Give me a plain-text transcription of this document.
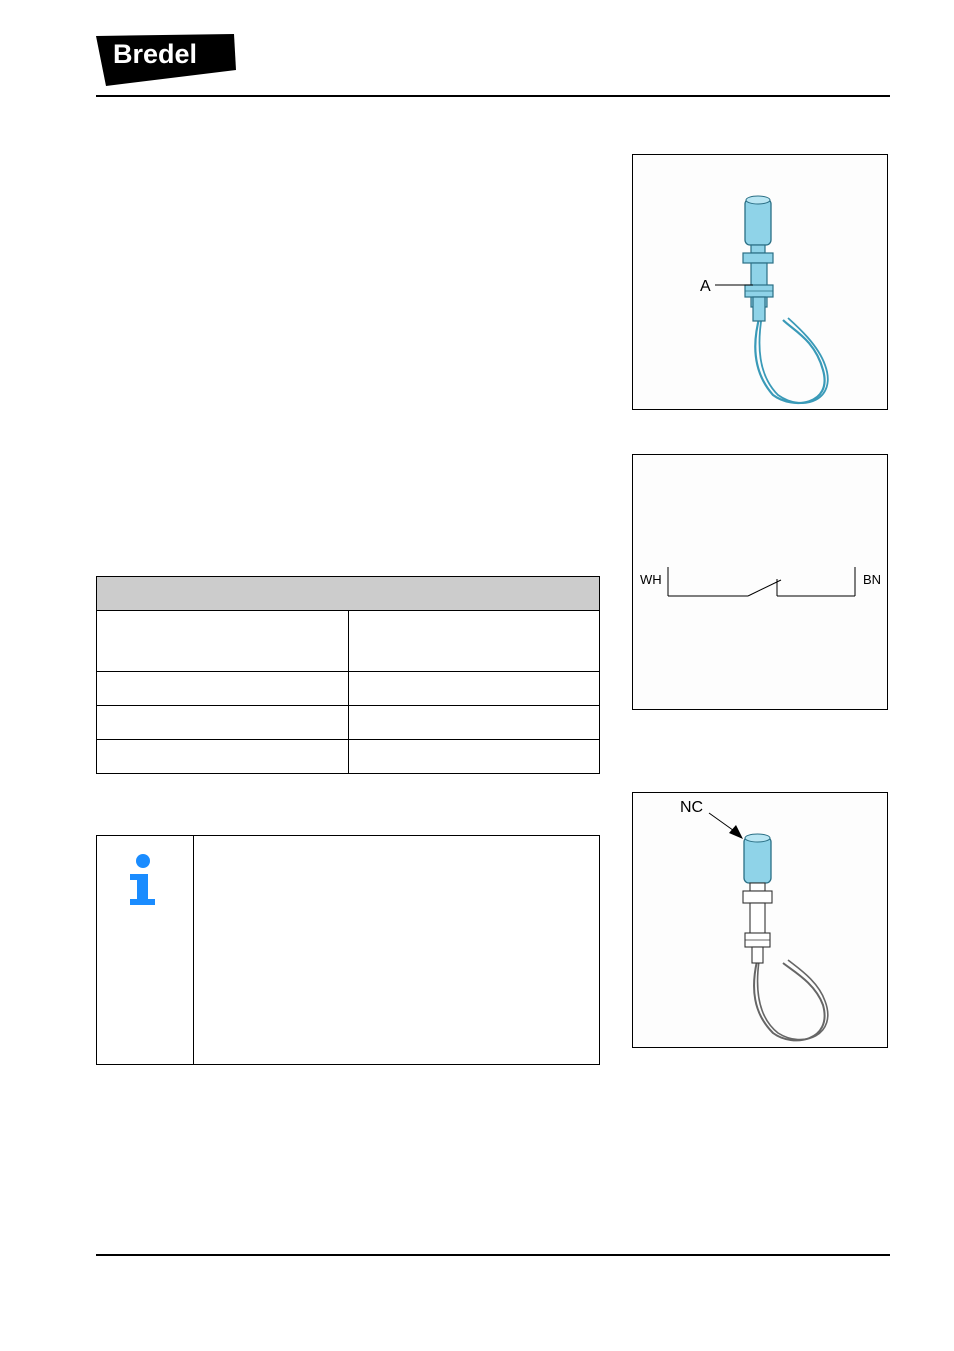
Bredel
A
WH	BN
NC
